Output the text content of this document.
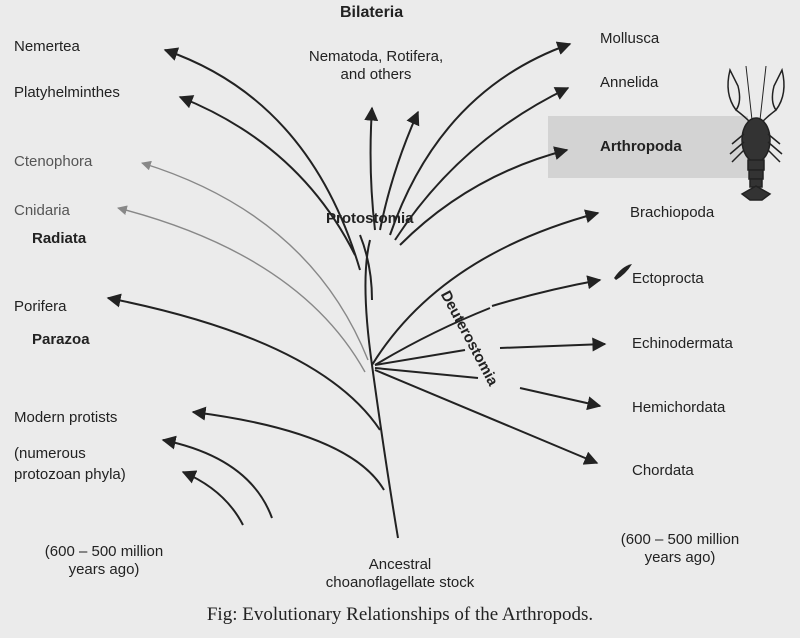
Bilateria
Nematoda, Rotifera,
and others
Nemertea
Platyhelminthes
Ctenophora
Cnidaria
Radiata
Porifera
Parazoa
Modern protists
(numerous
protozoan phyla)
(600 – 500 million
years ago)
Protostomia
Deuterostomia
Ancestral
choanoflagellate stock
Mollusca
Annelida
Arthropoda
Brachiopoda
Ectoprocta
Echinodermata
Hemichordata
Chordata
(600 – 500 million
years ago)
Fig: Evolutionary Relationships of the Arthropods.
